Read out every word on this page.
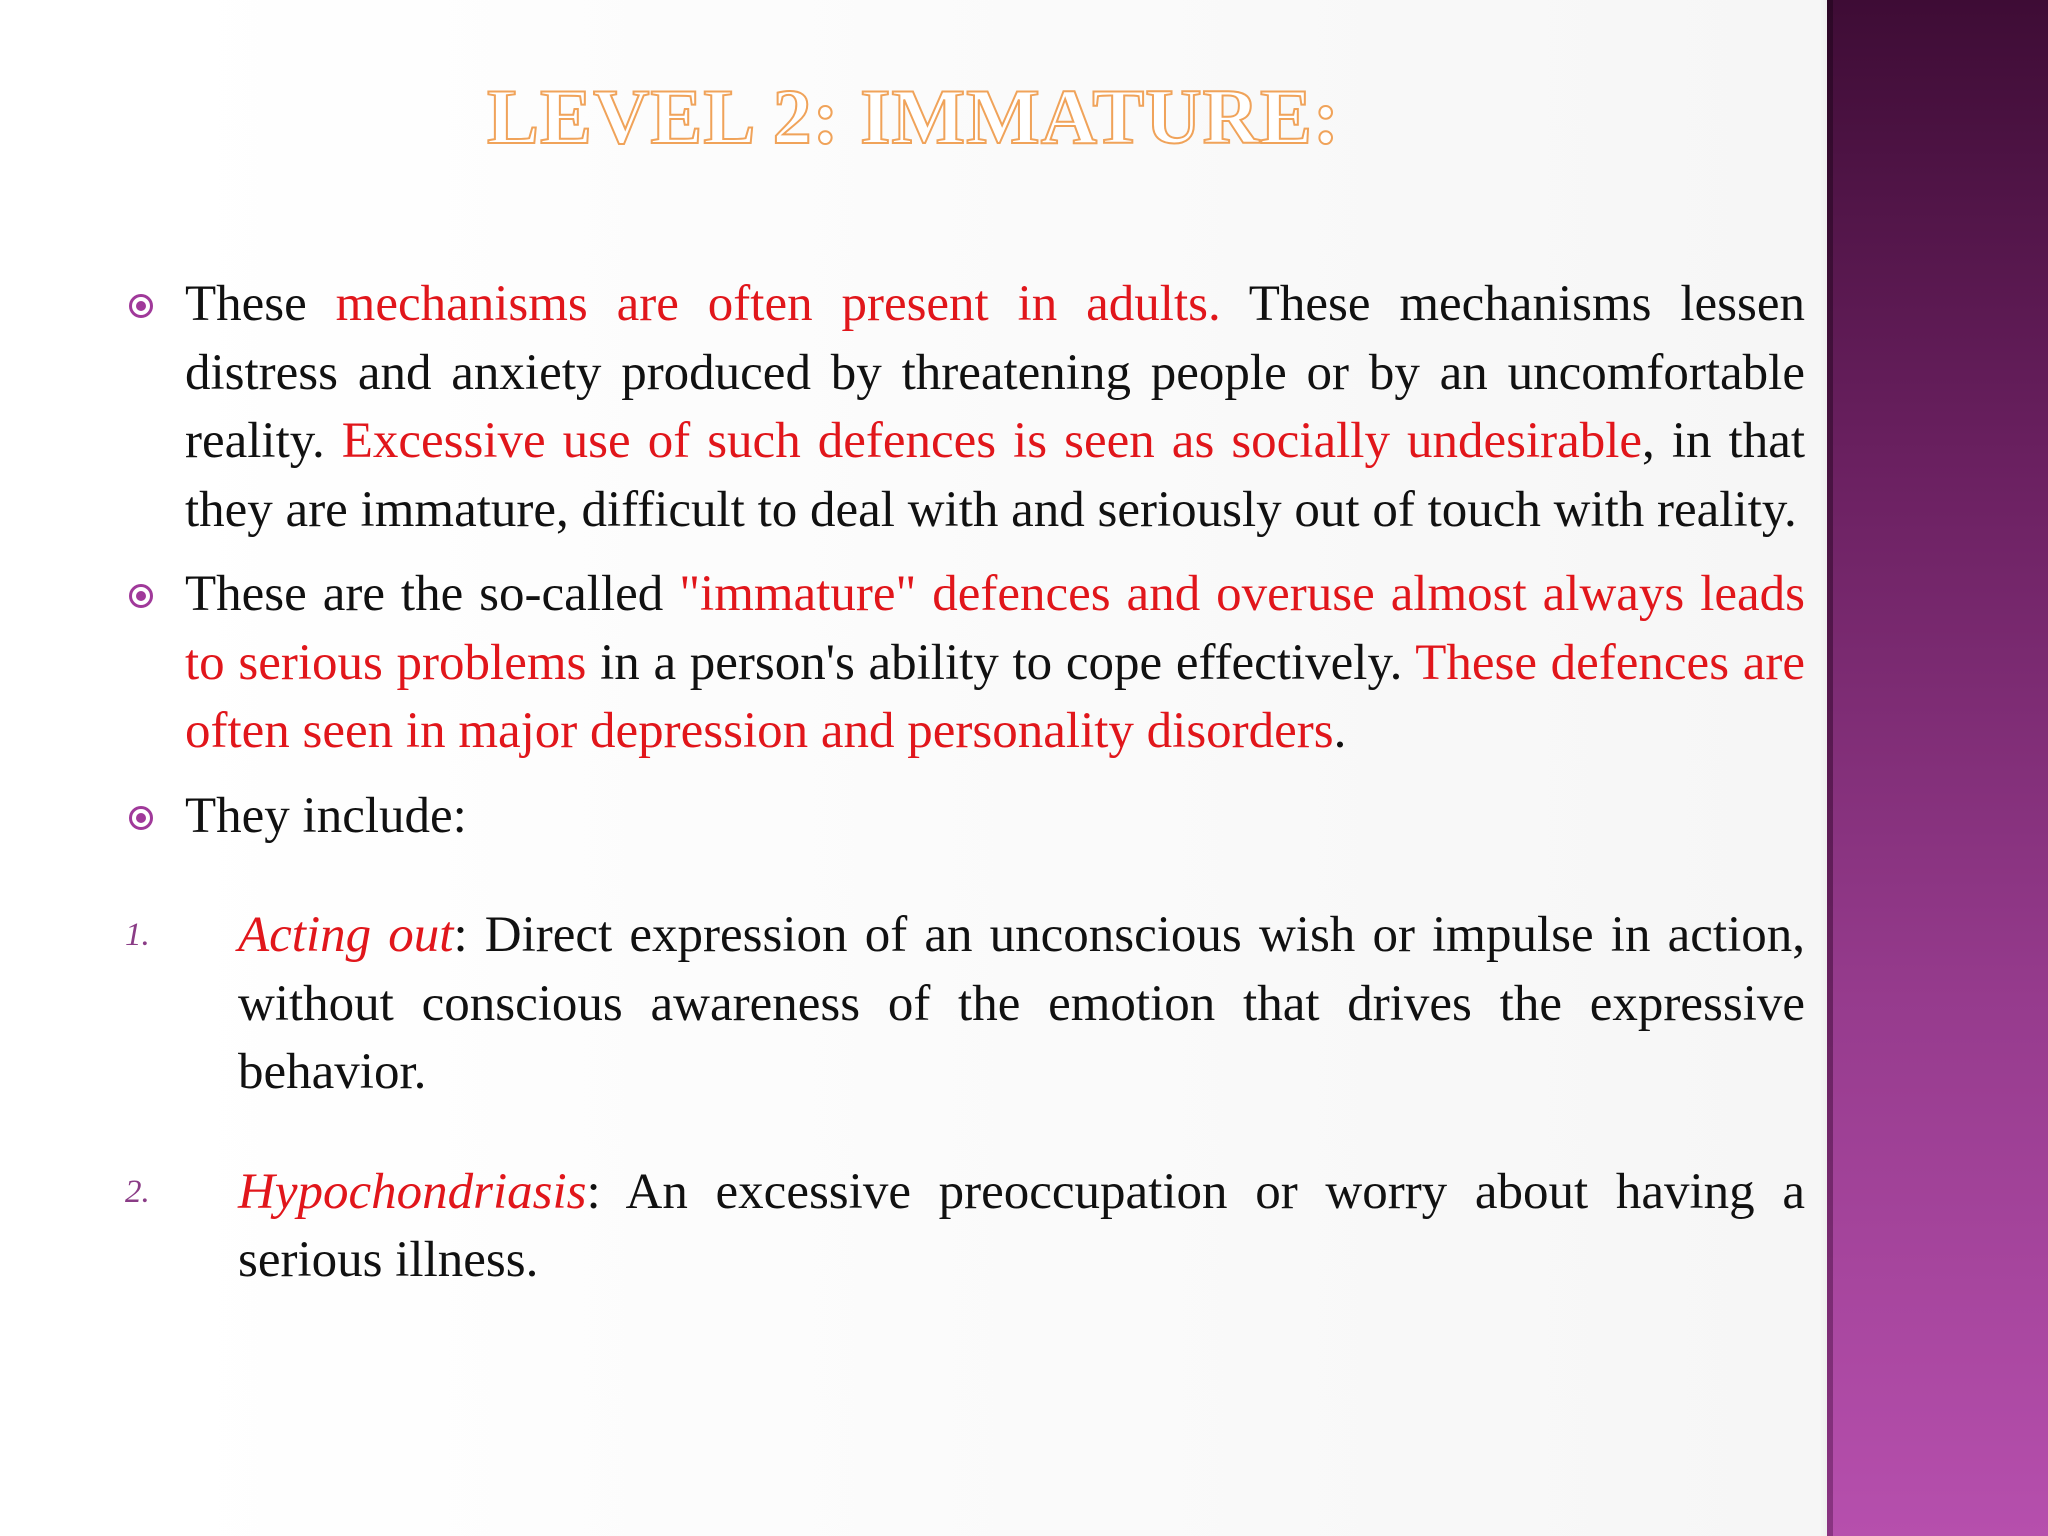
LEVEL 2: IMMATURE:

These mechanisms are often present in adults. These mechanisms lessen distress and anxiety produced by threatening people or by an uncomfortable reality. Excessive use of such defences is seen as socially undesirable, in that they are immature, difficult to deal with and seriously out of touch with reality.

These are the so-called "immature" defences and overuse almost always leads to serious problems in a person's ability to cope effectively. These defences are often seen in major depression and personality disorders.

They include:

1. Acting out: Direct expression of an unconscious wish or impulse in action, without conscious awareness of the emotion that drives the expressive behavior.

2. Hypochondriasis: An excessive preoccupation or worry about having a serious illness.
